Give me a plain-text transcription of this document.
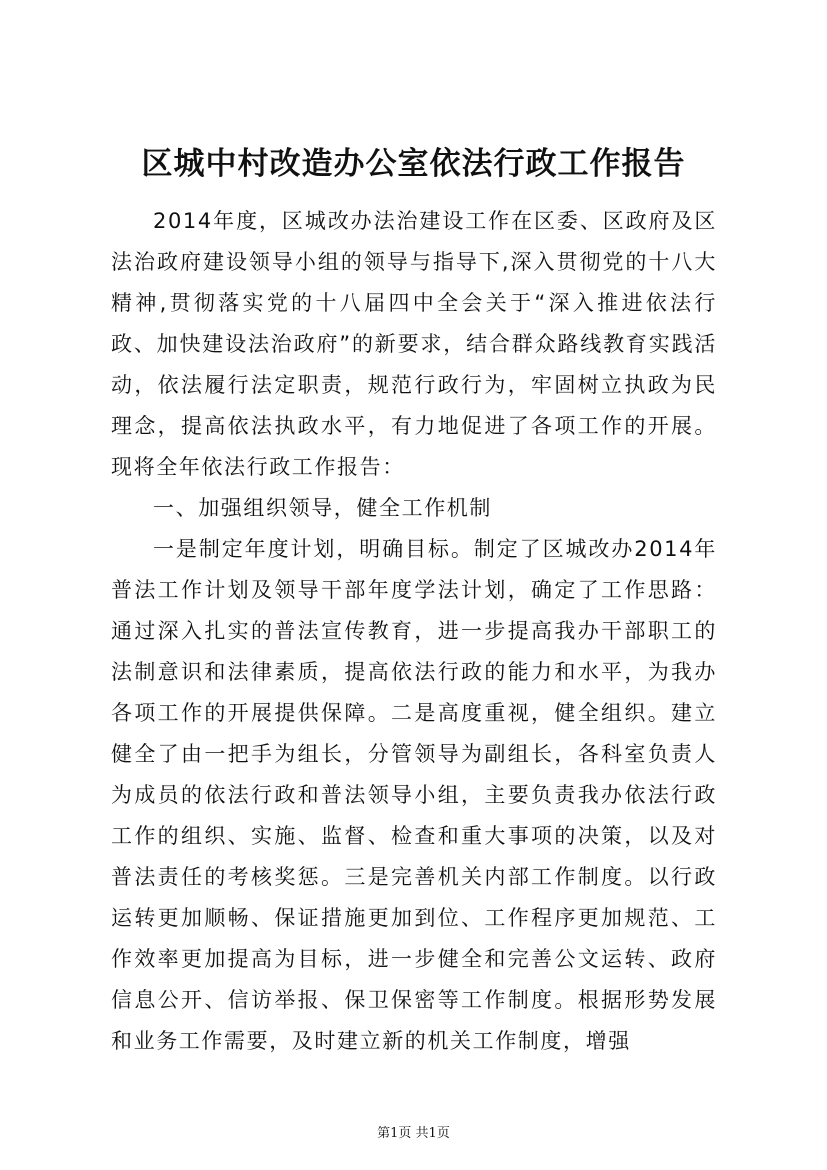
区城中村改造办公室依法行政工作报告

2014年度，区城改办法治建设工作在区委、区政府及区法治政府建设领导小组的领导与指导下,深入贯彻党的十八大精神,贯彻落实党的十八届四中全会关于“深入推进依法行政、加快建设法治政府”的新要求，结合群众路线教育实践活动，依法履行法定职责，规范行政行为，牢固树立执政为民理念，提高依法执政水平，有力地促进了各项工作的开展。现将全年依法行政工作报告：

一、加强组织领导，健全工作机制

一是制定年度计划，明确目标。制定了区城改办2014年普法工作计划及领导干部年度学法计划，确定了工作思路：通过深入扎实的普法宣传教育，进一步提高我办干部职工的法制意识和法律素质，提高依法行政的能力和水平，为我办各项工作的开展提供保障。二是高度重视，健全组织。建立健全了由一把手为组长，分管领导为副组长，各科室负责人为成员的依法行政和普法领导小组，主要负责我办依法行政工作的组织、实施、监督、检查和重大事项的决策，以及对普法责任的考核奖惩。三是完善机关内部工作制度。以行政运转更加顺畅、保证措施更加到位、工作程序更加规范、工作效率更加提高为目标，进一步健全和完善公文运转、政府信息公开、信访举报、保卫保密等工作制度。根据形势发展和业务工作需要，及时建立新的机关工作制度，增强

第1页 共1页
